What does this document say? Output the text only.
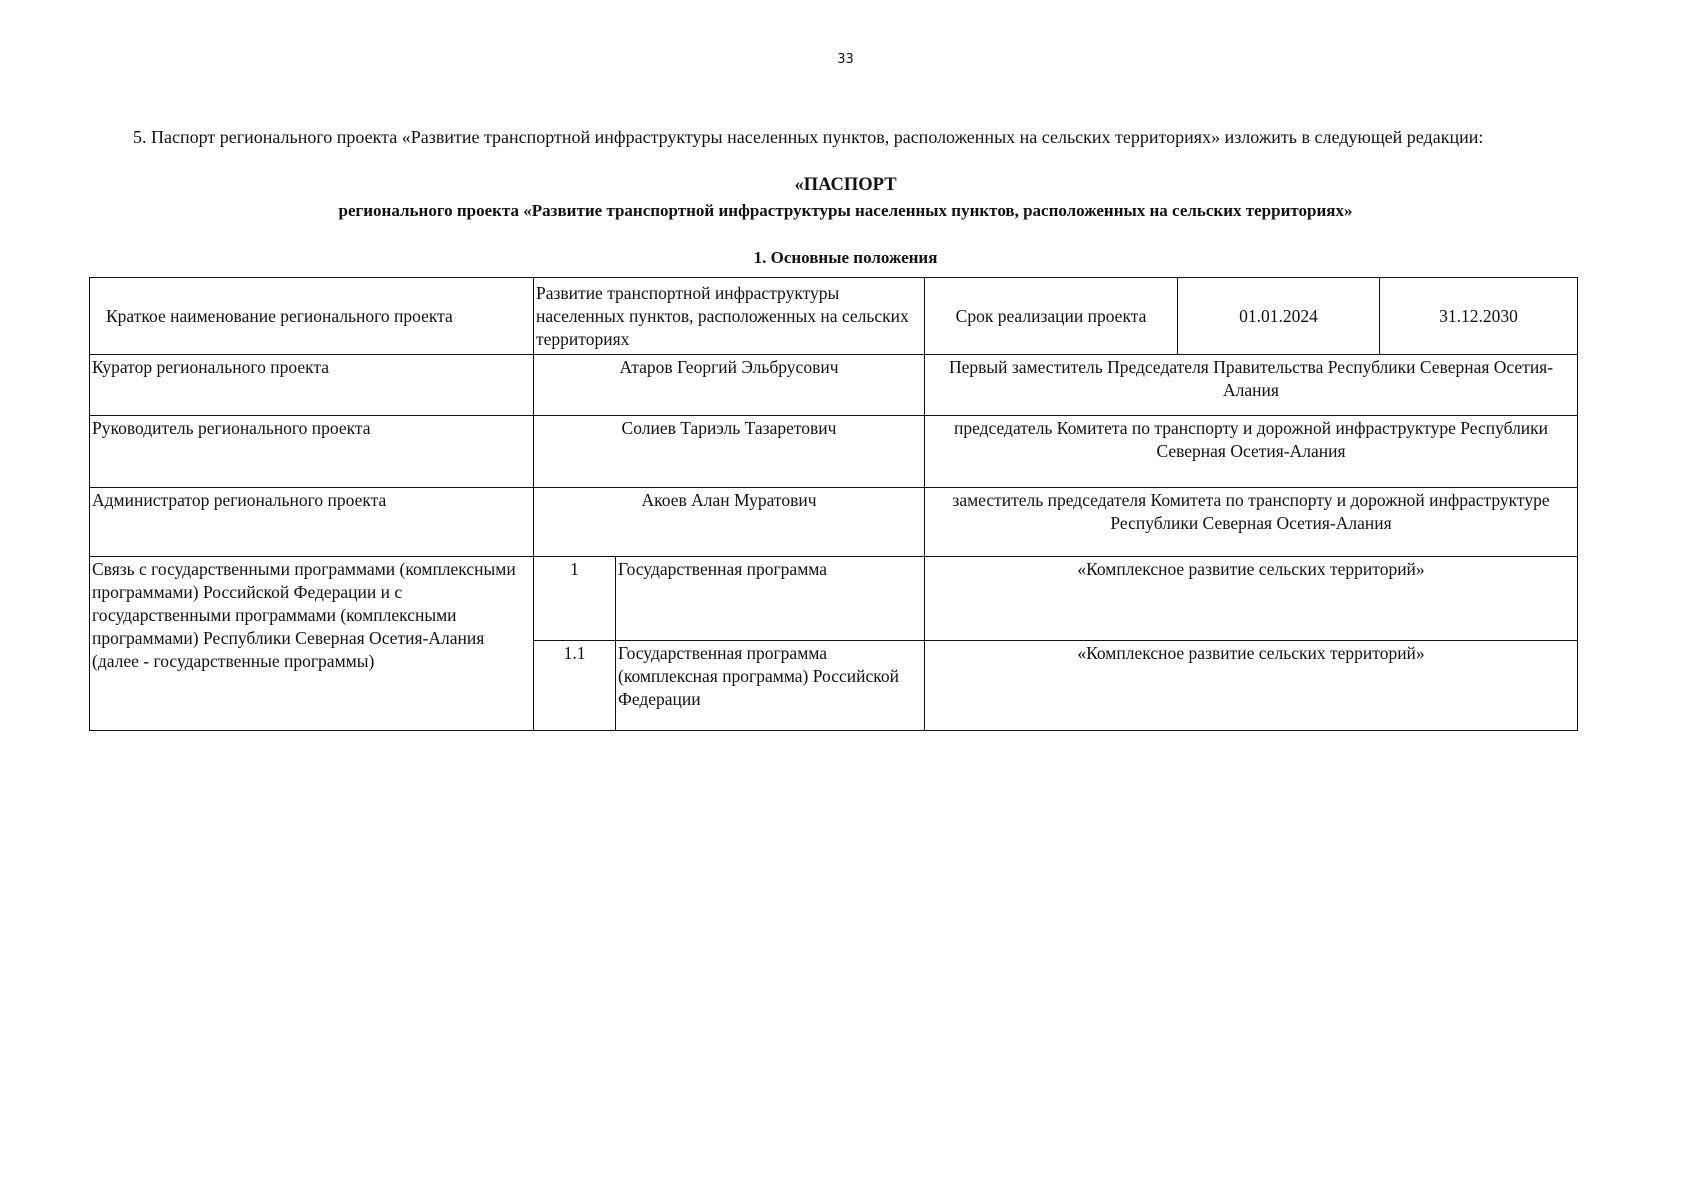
33
5. Паспорт регионального проекта «Развитие транспортной инфраструктуры населенных пунктов, расположенных на сельских территориях» изложить в следующей редакции:
«ПАСПОРТ
регионального проекта «Развитие транспортной инфраструктуры населенных пунктов, расположенных на сельских территориях»
1. Основные положения
Краткое наименование регионального проекта	Развитие транспортной инфраструктуры населенных пунктов, расположенных на сельских территориях		Срок реализации проекта	01.01.2024	31.12.2030
Куратор регионального проекта	Атаров Георгий Эльбрусович		Первый заместитель Председателя Правительства Республики Северная Осетия-Алания		
Руководитель регионального проекта	Солиев Тариэль Тазаретович		председатель Комитета по транспорту и дорожной инфраструктуре Республики Северная Осетия-Алания		
Администратор регионального проекта	Акоев Алан Муратович		заместитель председателя Комитета по транспорту и дорожной инфраструктуре Республики Северная Осетия-Алания		
Связь с государственными программами (комплексными программами) Российской Федерации и с государственными программами (комплексными программами) Республики Северная Осетия-Алания (далее - государственные программы)	1	Государственная программа	«Комплексное развитие сельских территорий»		
	1.1	Государственная программа (комплексная программа) Российской Федерации	«Комплексное развитие сельских территорий»		
